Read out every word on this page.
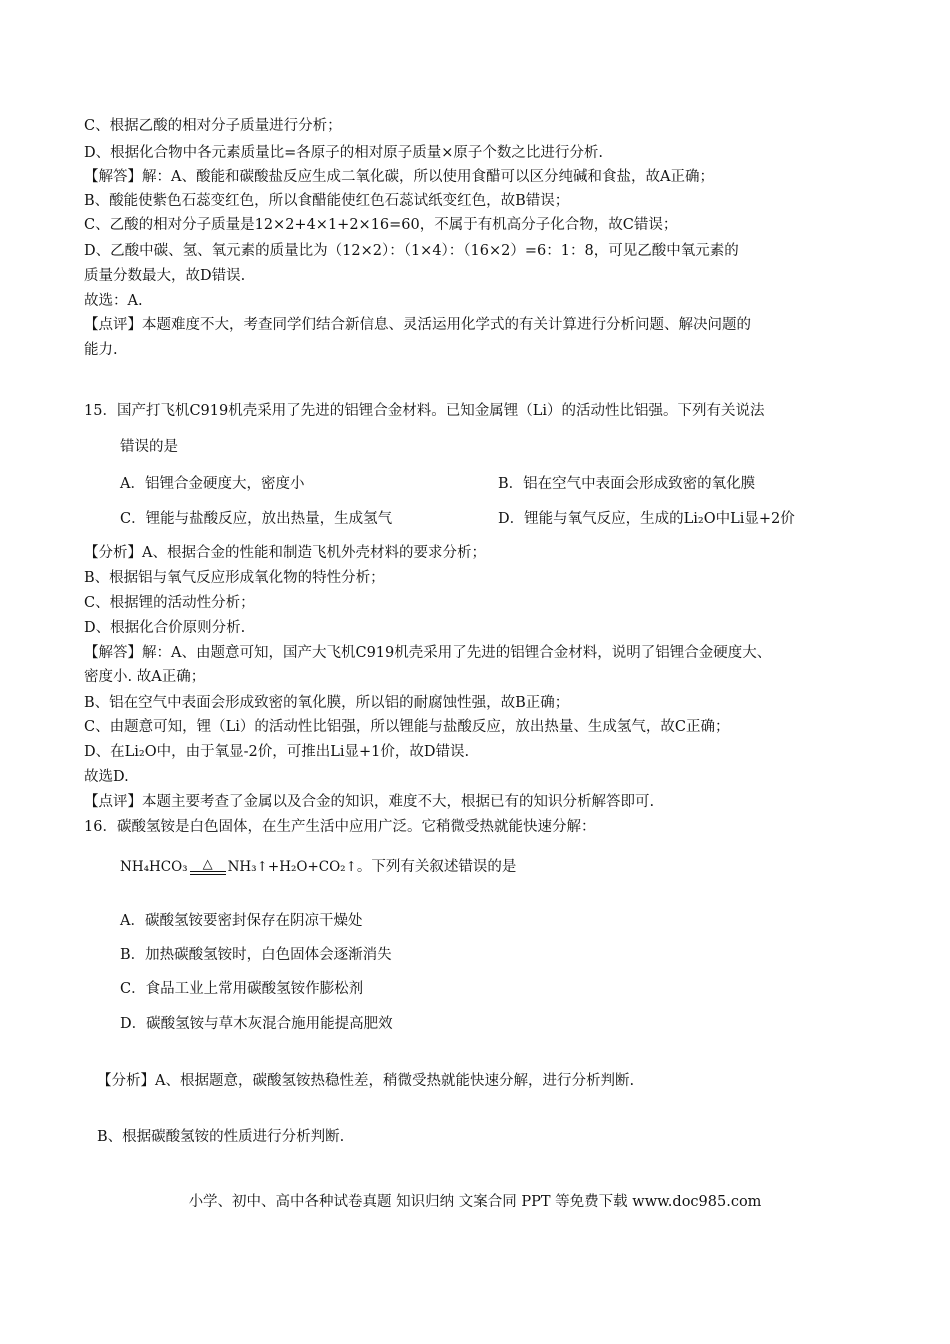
C、根据乙酸的相对分子质量进行分析；

D、根据化合物中各元素质量比=各原子的相对原子质量×原子个数之比进行分析.

【解答】解：A、酸能和碳酸盐反应生成二氧化碳，所以使用食醋可以区分纯碱和食盐，故A正确；

B、酸能使紫色石蕊变红色，所以食醋能使红色石蕊试纸变红色，故B错误；

C、乙酸的相对分子质量是12×2+4×1+2×16=60，不属于有机高分子化合物，故C错误；

D、乙酸中碳、氢、氧元素的质量比为（12×2）：（1×4）：（16×2）=6：1：8，可见乙酸中氧元素的

质量分数最大，故D错误.

故选：A.

【点评】本题难度不大，考查同学们结合新信息、灵活运用化学式的有关计算进行分析问题、解决问题的

能力.

15．国产打飞机C919机壳采用了先进的铝锂合金材料。已知金属锂（Li）的活动性比铝强。下列有关说法

错误的是

A．铝锂合金硬度大，密度小	B．铝在空气中表面会形成致密的氧化膜

C．锂能与盐酸反应，放出热量，生成氢气	D．锂能与氧气反应，生成的Li₂O中Li显+2价

【分析】A、根据合金的性能和制造飞机外壳材料的要求分析；

B、根据铝与氧气反应形成氧化物的特性分析；

C、根据锂的活动性分析；

D、根据化合价原则分析.

【解答】解：A、由题意可知，国产大飞机C919机壳采用了先进的铝锂合金材料，说明了铝锂合金硬度大、

密度小. 故A正确；

B、铝在空气中表面会形成致密的氧化膜，所以铝的耐腐蚀性强，故B正确；

C、由题意可知，锂（Li）的活动性比铝强，所以锂能与盐酸反应，放出热量、生成氢气，故C正确；

D、在Li₂O中，由于氧显-2价，可推出Li显+1价，故D错误.

故选D.

【点评】本题主要考查了金属以及合金的知识，难度不大，根据已有的知识分析解答即可.

16．碳酸氢铵是白色固体，在生产生活中应用广泛。它稍微受热就能快速分解：

NH₄HCO₃ △ NH₃↑+H₂O+CO₂↑ 。下列有关叙述错误的是

A．碳酸氢铵要密封保存在阴凉干燥处

B．加热碳酸氢铵时，白色固体会逐渐消失

C．食品工业上常用碳酸氢铵作膨松剂

D．碳酸氢铵与草木灰混合施用能提高肥效

【分析】A、根据题意，碳酸氢铵热稳性差，稍微受热就能快速分解，进行分析判断.

B、根据碳酸氢铵的性质进行分析判断.

小学、初中、高中各种试卷真题 知识归纳 文案合同 PPT 等免费下载 www.doc985.com
